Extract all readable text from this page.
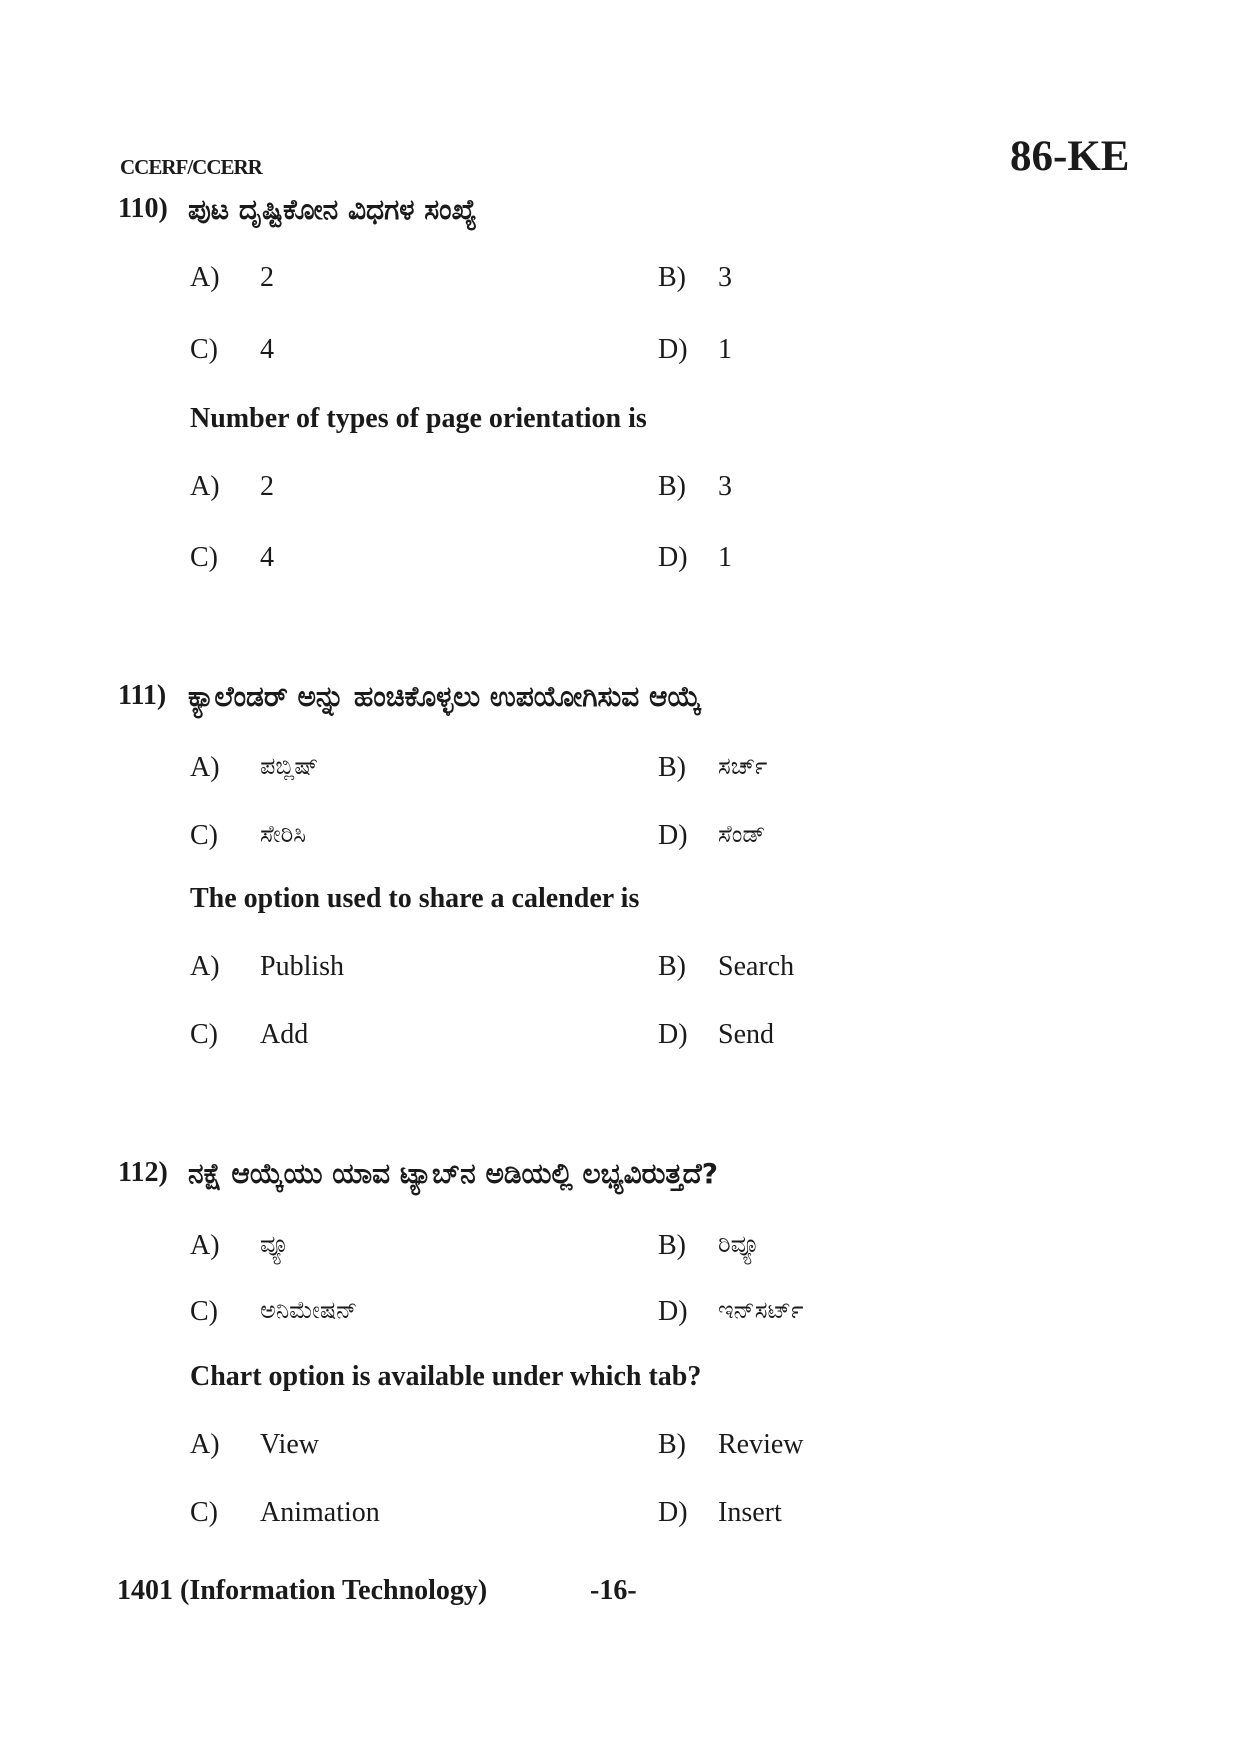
CCERF/CCERR	86-KE
110) ಪುಟ ದೃಷ್ಟಿಕೋನ ವಿಧಗಳ ಸಂಖ್ಯೆ
A) 2	B) 3
C) 4	D) 1
Number of types of page orientation is
A) 2	B) 3
C) 4	D) 1
111) ಕ್ಯಾಲೆಂಡರ್ ಅನ್ನು ಹಂಚಿಕೊಳ್ಳಲು ಉಪಯೋಗಿಸುವ ಆಯ್ಕೆ
A) ಪಬ್ಲಿಷ್	B) ಸರ್ಚ್
C) ಸೇರಿಸಿ	D) ಸೆಂಡ್
The option used to share a calender is
A) Publish	B) Search
C) Add	D) Send
112) ನಕ್ಷೆ ಆಯ್ಕೆಯು ಯಾವ ಟ್ಯಾಬ್‌ನ ಅಡಿಯಲ್ಲಿ ಲಭ್ಯವಿರುತ್ತದೆ?
A) ವ್ಯೂ	B) ರಿವ್ಯೂ
C) ಅನಿಮೇಷನ್	D) ಇನ್‌ಸರ್ಟ್
Chart option is available under which tab?
A) View	B) Review
C) Animation	D) Insert
1401 (Information Technology)	-16-
